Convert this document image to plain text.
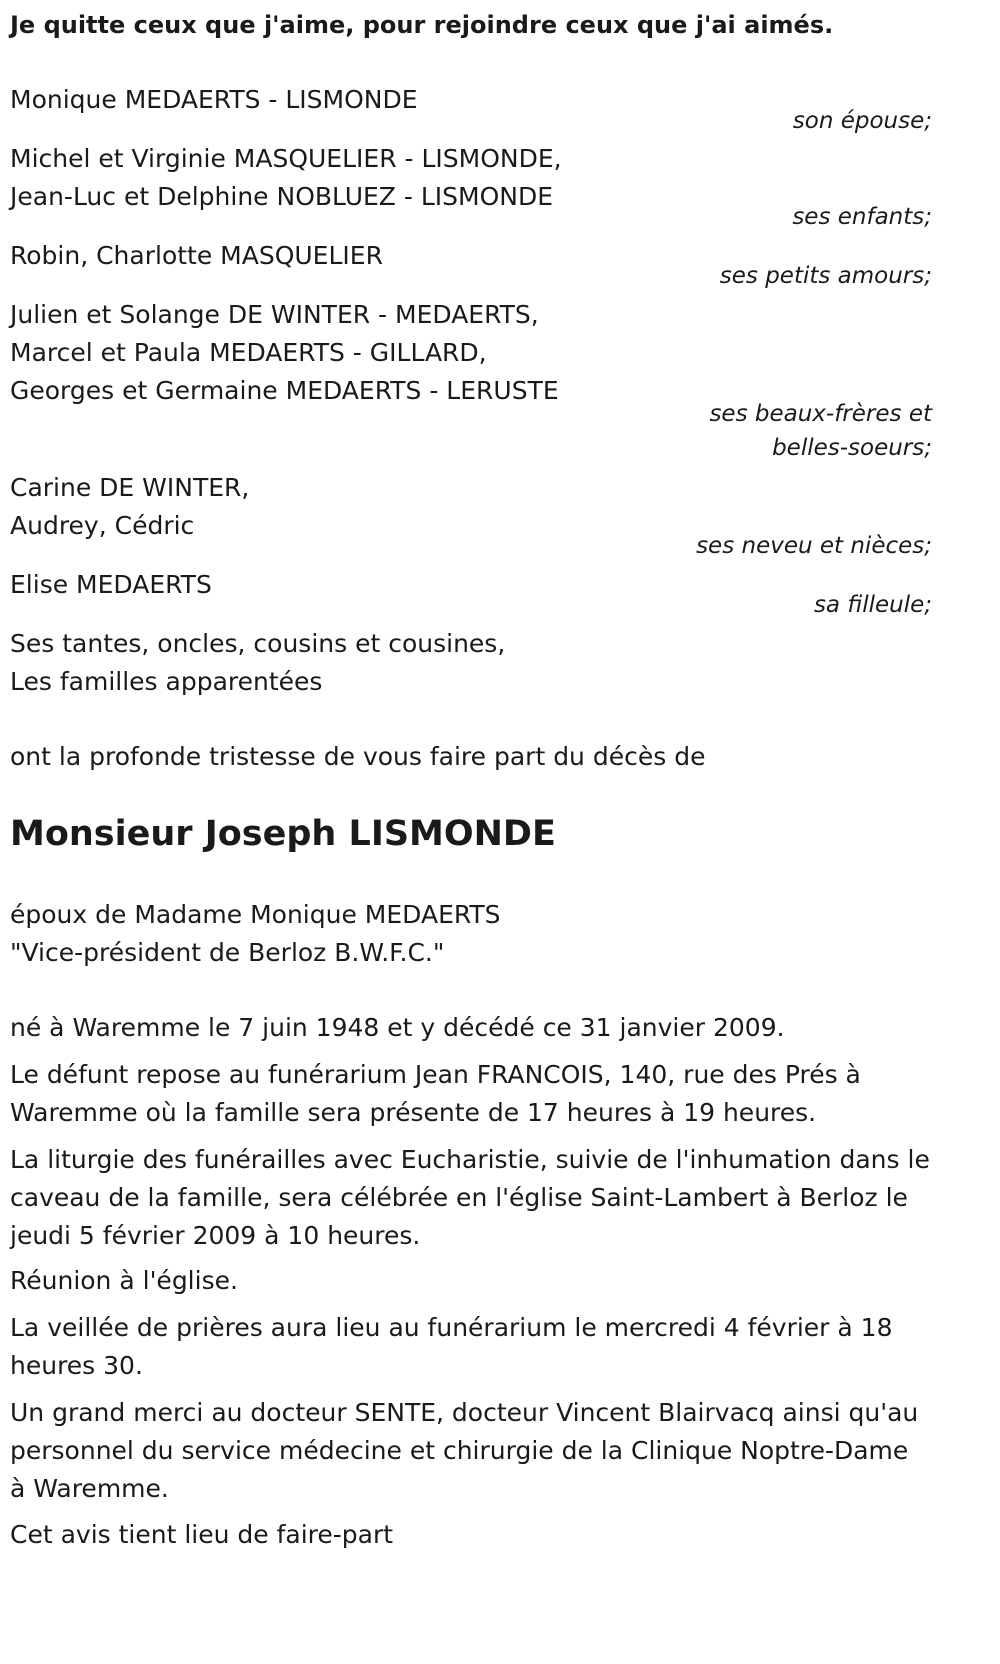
Je quitte ceux que j'aime, pour rejoindre ceux que j'ai aimés.
Monique MEDAERTS - LISMONDE
son épouse;
Michel et Virginie MASQUELIER - LISMONDE,
Jean-Luc et Delphine NOBLUEZ - LISMONDE
ses enfants;
Robin, Charlotte MASQUELIER
ses petits amours;
Julien et Solange DE WINTER - MEDAERTS,
Marcel et Paula MEDAERTS - GILLARD,
Georges et Germaine MEDAERTS - LERUSTE
ses beaux-frères et
belles-soeurs;
Carine DE WINTER,
Audrey, Cédric
ses neveu et nièces;
Elise MEDAERTS
sa filleule;
Ses tantes, oncles, cousins et cousines,
Les familles apparentées
ont la profonde tristesse de vous faire part du décès de
Monsieur Joseph LISMONDE
époux de Madame Monique MEDAERTS
"Vice-président de Berloz B.W.F.C."
né à Waremme le 7 juin 1948 et y décédé ce 31 janvier 2009.
Le défunt repose au funérarium Jean FRANCOIS, 140, rue des Prés à
Waremme où la famille sera présente de 17 heures à 19 heures.
La liturgie des funérailles avec Eucharistie, suivie de l'inhumation dans le
caveau de la famille, sera célébrée en l'église Saint-Lambert à Berloz le
jeudi 5 février 2009 à 10 heures.
Réunion à l'église.
La veillée de prières aura lieu au funérarium le mercredi 4 février à 18
heures 30.
Un grand merci au docteur SENTE, docteur Vincent Blairvacq ainsi qu'au
personnel du service médecine et chirurgie de la Clinique Noptre-Dame
à Waremme.
Cet avis tient lieu de faire-part
